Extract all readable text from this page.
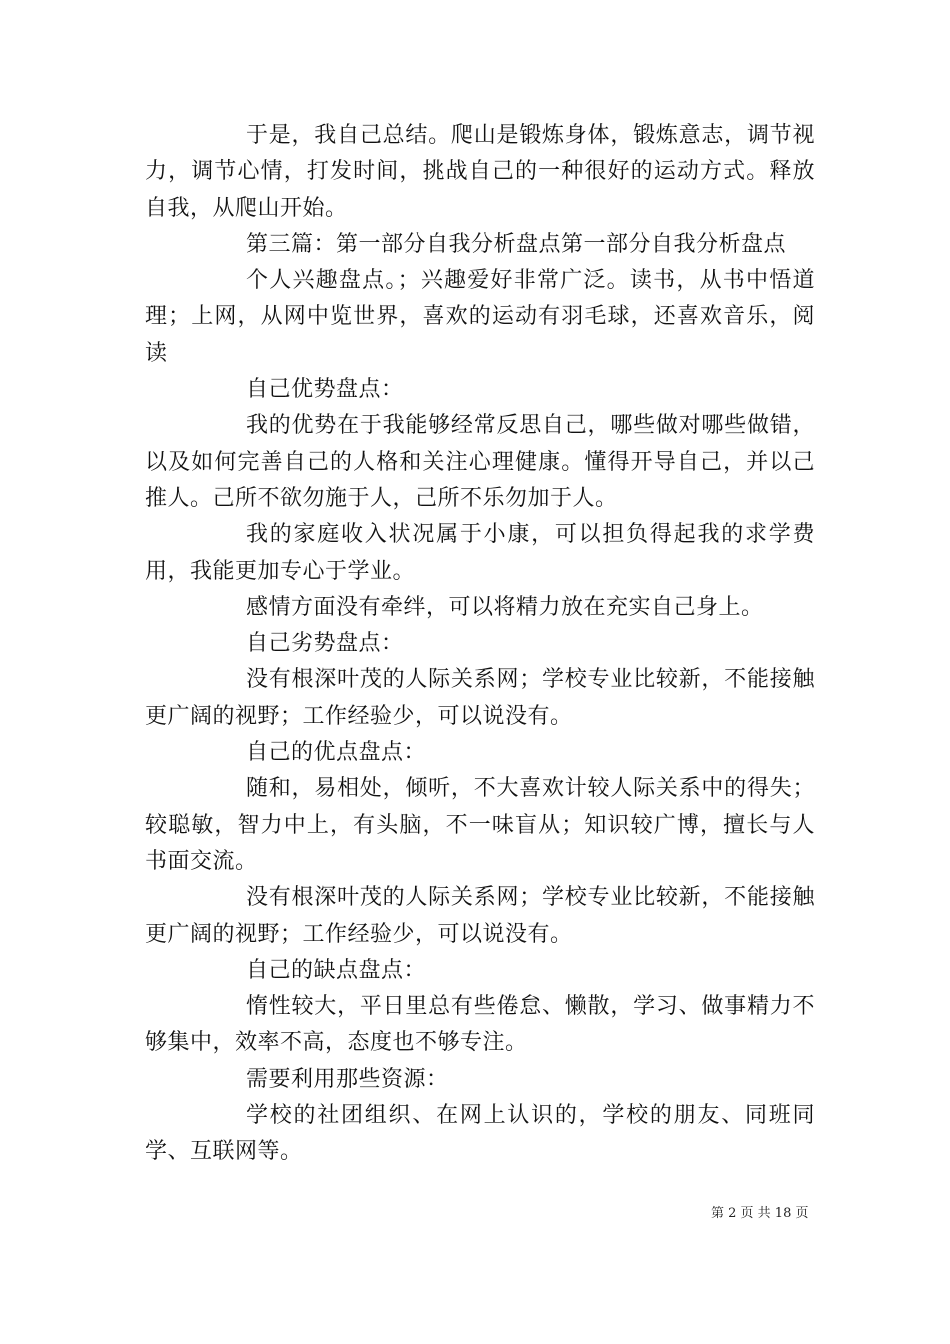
于是，我自己总结。爬山是锻炼身体，锻炼意志，调节视力，调节心情，打发时间，挑战自己的一种很好的运动方式。释放自我，从爬山开始。

第三篇：第一部分自我分析盘点第一部分自我分析盘点

个人兴趣盘点。；兴趣爱好非常广泛。读书，从书中悟道理；上网，从网中览世界，喜欢的运动有羽毛球，还喜欢音乐，阅读

自己优势盘点：

我的优势在于我能够经常反思自己，哪些做对哪些做错，以及如何完善自己的人格和关注心理健康。懂得开导自己，并以己推人。己所不欲勿施于人，己所不乐勿加于人。

我的家庭收入状况属于小康，可以担负得起我的求学费用，我能更加专心于学业。

感情方面没有牵绊，可以将精力放在充实自己身上。

自己劣势盘点：

没有根深叶茂的人际关系网；学校专业比较新，不能接触更广阔的视野；工作经验少，可以说没有。

自己的优点盘点：

随和，易相处，倾听，不大喜欢计较人际关系中的得失；较聪敏，智力中上，有头脑，不一味盲从；知识较广博，擅长与人书面交流。

没有根深叶茂的人际关系网；学校专业比较新，不能接触更广阔的视野；工作经验少，可以说没有。

自己的缺点盘点：

惰性较大，平日里总有些倦怠、懒散，学习、做事精力不够集中，效率不高，态度也不够专注。

需要利用那些资源：

学校的社团组织、在网上认识的，学校的朋友、同班同学、互联网等。

第 2 页 共 18 页
